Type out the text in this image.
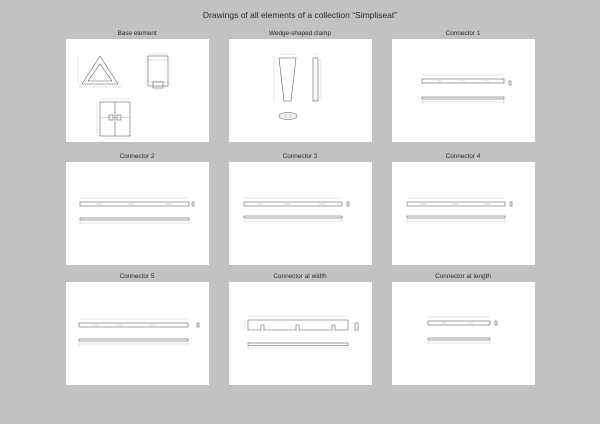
Drawings of all elements of a collection “Simpliseat”
Base element	Wedge-shaped clamp	Connector 1
Connector 2	Connector 3	Connector 4
Connector 5	Connector at width	Connector at length
